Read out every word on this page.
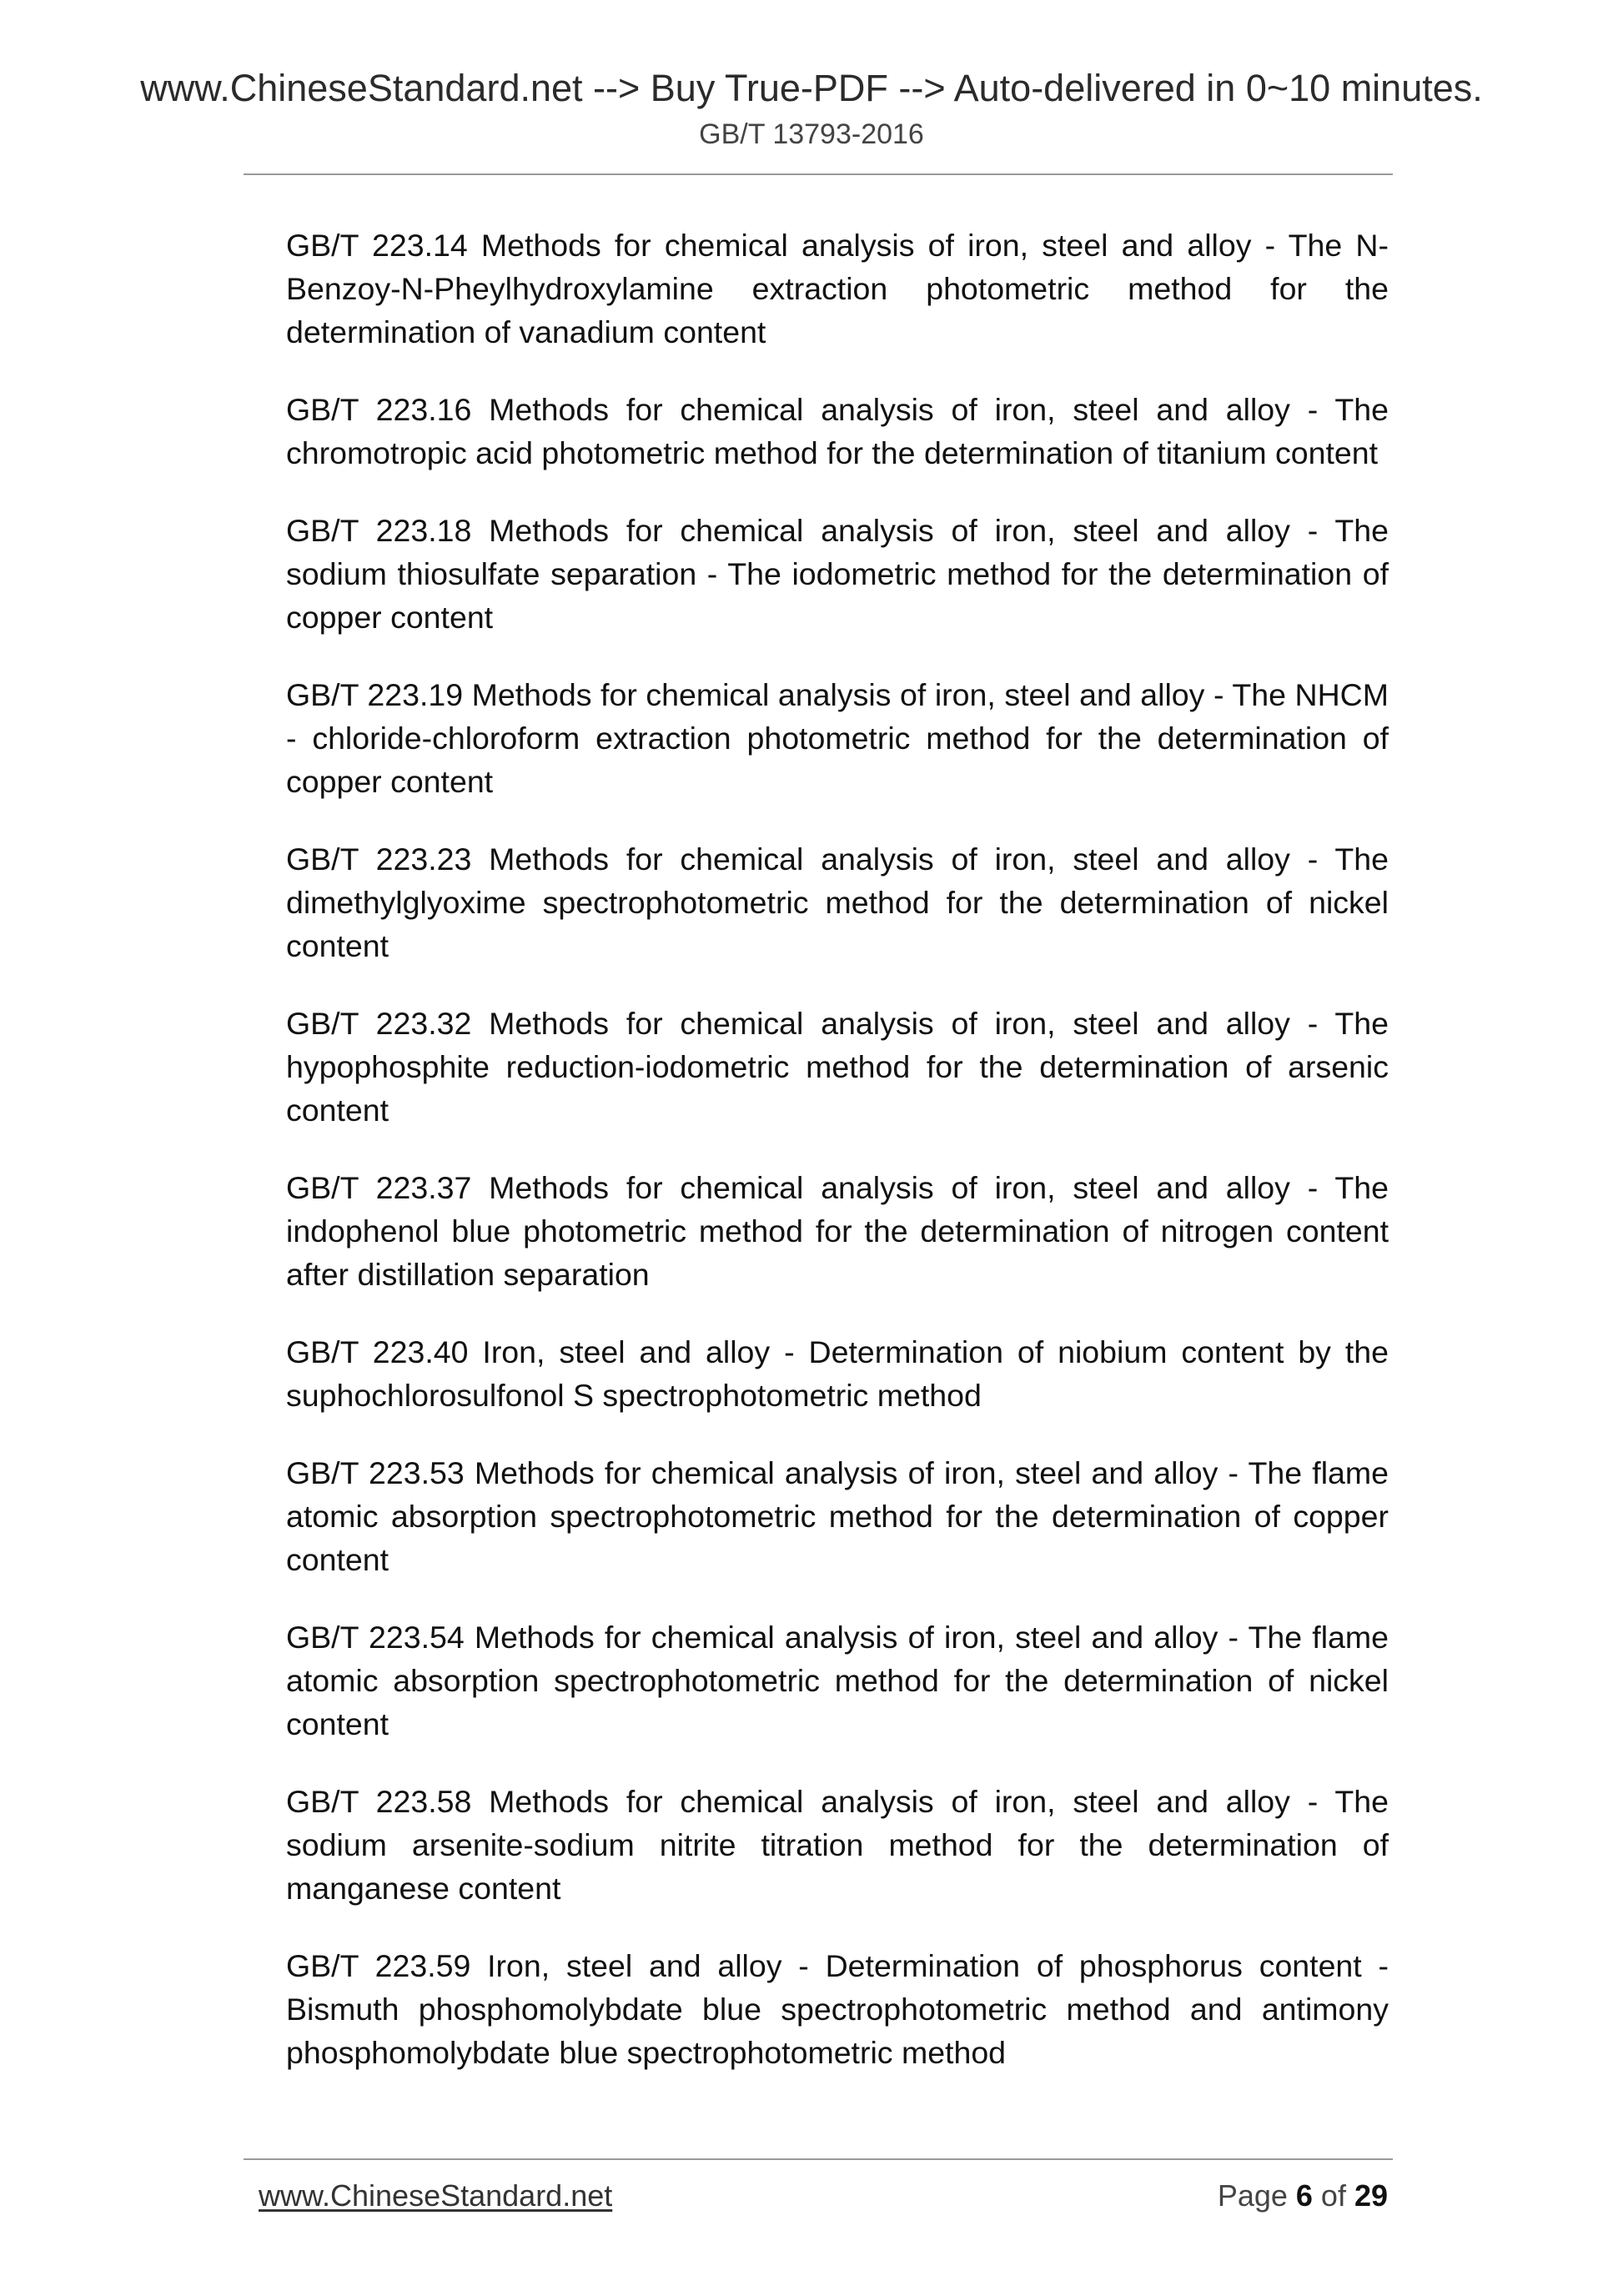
www.ChineseStandard.net --> Buy True-PDF --> Auto-delivered in 0~10 minutes.
GB/T 13793-2016

GB/T 223.14 Methods for chemical analysis of iron, steel and alloy - The N-Benzoy-N-Pheylhydroxylamine extraction photometric method for the determination of vanadium content

GB/T 223.16 Methods for chemical analysis of iron, steel and alloy - The chromotropic acid photometric method for the determination of titanium content

GB/T 223.18 Methods for chemical analysis of iron, steel and alloy - The sodium thiosulfate separation - The iodometric method for the determination of copper content

GB/T 223.19 Methods for chemical analysis of iron, steel and alloy - The NHCM - chloride-chloroform extraction photometric method for the determination of copper content

GB/T 223.23 Methods for chemical analysis of iron, steel and alloy - The dimethylglyoxime spectrophotometric method for the determination of nickel content

GB/T 223.32 Methods for chemical analysis of iron, steel and alloy - The hypophosphite reduction-iodometric method for the determination of arsenic content

GB/T 223.37 Methods for chemical analysis of iron, steel and alloy - The indophenol blue photometric method for the determination of nitrogen content after distillation separation

GB/T 223.40 Iron, steel and alloy - Determination of niobium content by the suphochlorosulfonol S spectrophotometric method

GB/T 223.53 Methods for chemical analysis of iron, steel and alloy - The flame atomic absorption spectrophotometric method for the determination of copper content

GB/T 223.54 Methods for chemical analysis of iron, steel and alloy - The flame atomic absorption spectrophotometric method for the determination of nickel content

GB/T 223.58 Methods for chemical analysis of iron, steel and alloy - The sodium arsenite-sodium nitrite titration method for the determination of manganese content

GB/T 223.59 Iron, steel and alloy - Determination of phosphorus content - Bismuth phosphomolybdate blue spectrophotometric method and antimony phosphomolybdate blue spectrophotometric method

www.ChineseStandard.net	Page 6 of 29
